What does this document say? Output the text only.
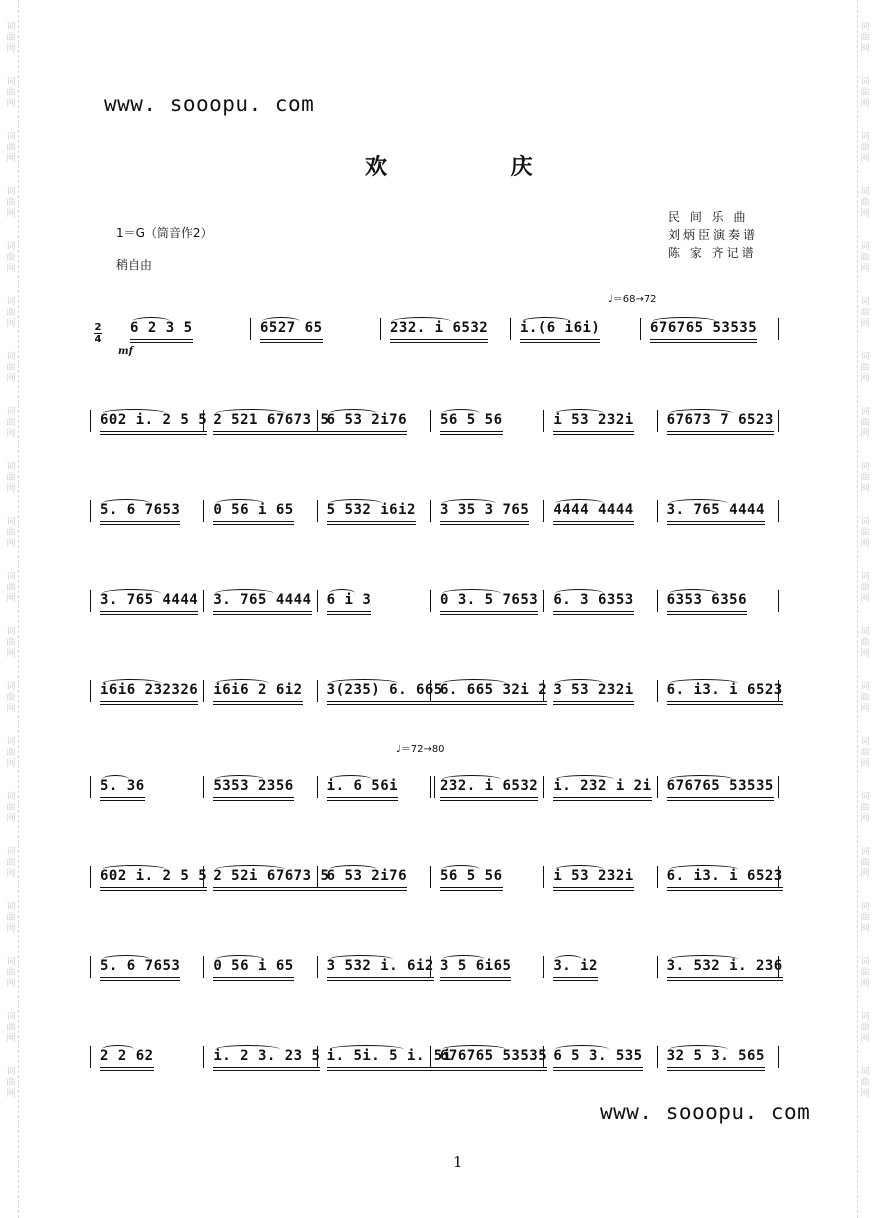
词曲网
词曲网
词曲网
词曲网
词曲网
词曲网
词曲网
词曲网
词曲网
词曲网
词曲网
词曲网
词曲网
词曲网
词曲网
词曲网
词曲网
词曲网
词曲网
词曲网
词曲网
词曲网
词曲网
词曲网
词曲网
词曲网
词曲网
词曲网
词曲网
词曲网
词曲网
词曲网
词曲网
词曲网
词曲网
词曲网
词曲网
词曲网
词曲网
词曲网
www. sooopu. com
欢 庆
民 间 乐 曲
刘炳臣演奏谱
陈 家 齐记谱
1＝G（筒音作2）
稍自由
2
4
mf
♩＝68→72
♩＝72→80
6 2 3 5	6527 65	232. i 6532 i.(6 i6i)	676765 53535
602 i. 2 5 5 2 521 67673 5
6 53 2i76 56 5 56	i 53 232i 67673 7 6523
5. 6 7653 0 56 i 65 5 532 i6i2 3 35 3 765 4444 4444 3. 765 4444
3. 765 4444 3. 765 4444 6 i 3	0 3. 5 7653 6. 3 6353 6353 6356
i6i6 232326 i6i6 2 6i2 3(235) 6. 665
6. 665 32i 2 3 53 232i 6. i3. i 6523
5. 36	5353 2356 i. 6 56i	232. i 6532 i. 232 i 2i 676765 53535
602 i. 2 5 5 2 52i 67673 5
6 53 2i76 56 5 56	i 53 232i 6. i3. i 6523
5. 6 7653 0 56 i 65 3 532 i. 6i2 3 5 6i65	3. i2	3. 532 i. 236
2 2 62	i. 2 3. 23 5 i. 5i. 5 i. 5i
676765 53535 6 5 3. 535 32 5 3. 565
www. sooopu. com
1
